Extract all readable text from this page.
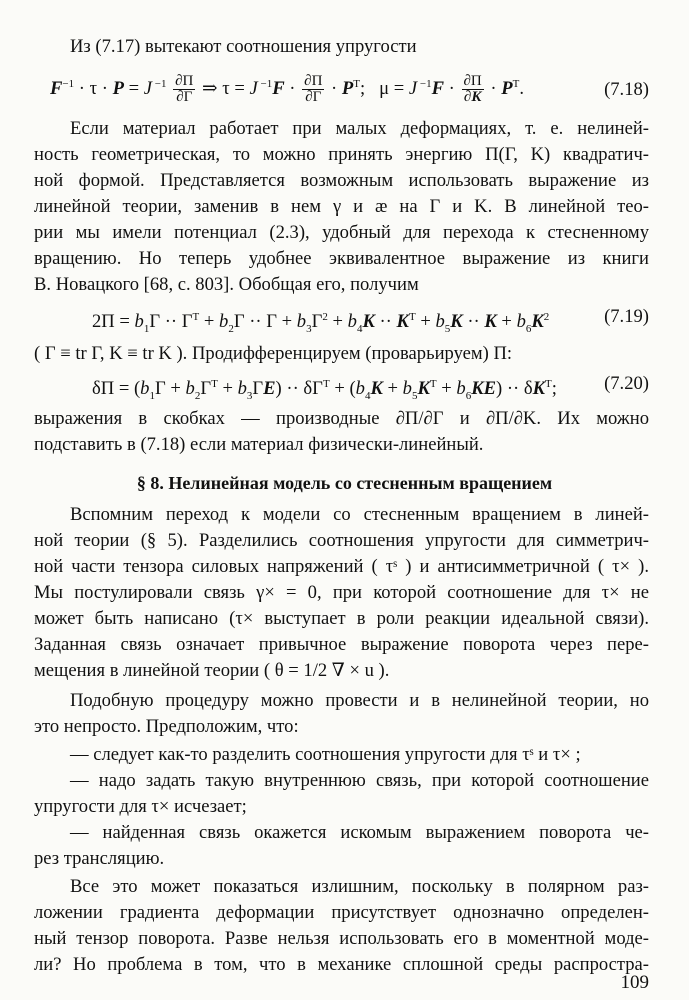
Из (7.17) вытекают соотношения упругости
$F^{-1} \cdot \tau \cdot P = J$ $^{-1} \frac{\partial\Pi}{\partial\Gamma}$ ⇒ τ = J $^{-1}F \cdot \frac{\partial\Pi}{\partial\Gamma} \cdot P^T$;   μ = J $^{-1}F \cdot \frac{\partial\Pi}{\partial K} \cdot P^T$.	(7.18)
Если материал работает при малых деформациях, т. е. нелиней-
ность геометрическая, то можно принять энергию Π(Γ, K) квадратич-
ной формой. Представляется возможным использовать выражение из
линейной теории, заменив в нем γ и æ на Γ и K. В линейной тео-
рии мы имели потенциал (2.3), удобный для перехода к стесненному
вращению. Но теперь удобнее эквивалентное выражение из книги
В. Новацкого [68, с. 803]. Обобщая его, получим
$2\Pi = b_1\Gamma \cdot\cdot \Gamma^T + b_2\Gamma \cdot\cdot \Gamma + b_3\Gamma^2 + b_4K \cdot\cdot K^T + b_5K \cdot\cdot K + b_6K^2$	(7.19)
( Γ ≡ tr Γ, K ≡ tr K ). Продифференцируем (проварьируем) Π:
$\delta\Pi = (b_1\Gamma + b_2\Gamma^T + b_3\Gamma E) \cdot\cdot \delta\Gamma^T + (b_4K + b_5K^T + b_6KE) \cdot\cdot \delta K^T$;	(7.20)
выражения в скобках — производные ∂Π/∂Γ и ∂Π/∂K. Их можно
подставить в (7.18) если материал физически-линейный.
§ 8. Нелинейная модель со стесненным вращением
Вспомним переход к модели со стесненным вращением в линей-
ной теории (§ 5). Разделились соотношения упругости для симметрич-
ной части тензора силовых напряжений ( τˢ ) и антисимметричной ( τ× ).
Мы постулировали связь γ× = 0, при которой соотношение для τ× не
может быть написано (τ× выступает в роли реакции идеальной связи).
Заданная связь означает привычное выражение поворота через пере-
мещения в линейной теории ( θ = 1/2 ∇ × u ).
Подобную процедуру можно провести и в нелинейной теории, но
это непросто. Предположим, что:
— следует как-то разделить соотношения упругости для τˢ и τ× ;
— надо задать такую внутреннюю связь, при которой соотношение
упругости для τ× исчезает;
— найденная связь окажется искомым выражением поворота че-
рез трансляцию.
Все это может показаться излишним, поскольку в полярном раз-
ложении градиента деформации присутствует однозначно определен-
ный тензор поворота. Разве нельзя использовать его в моментной моде-
ли? Но проблема в том, что в механике сплошной среды распростра-
109
